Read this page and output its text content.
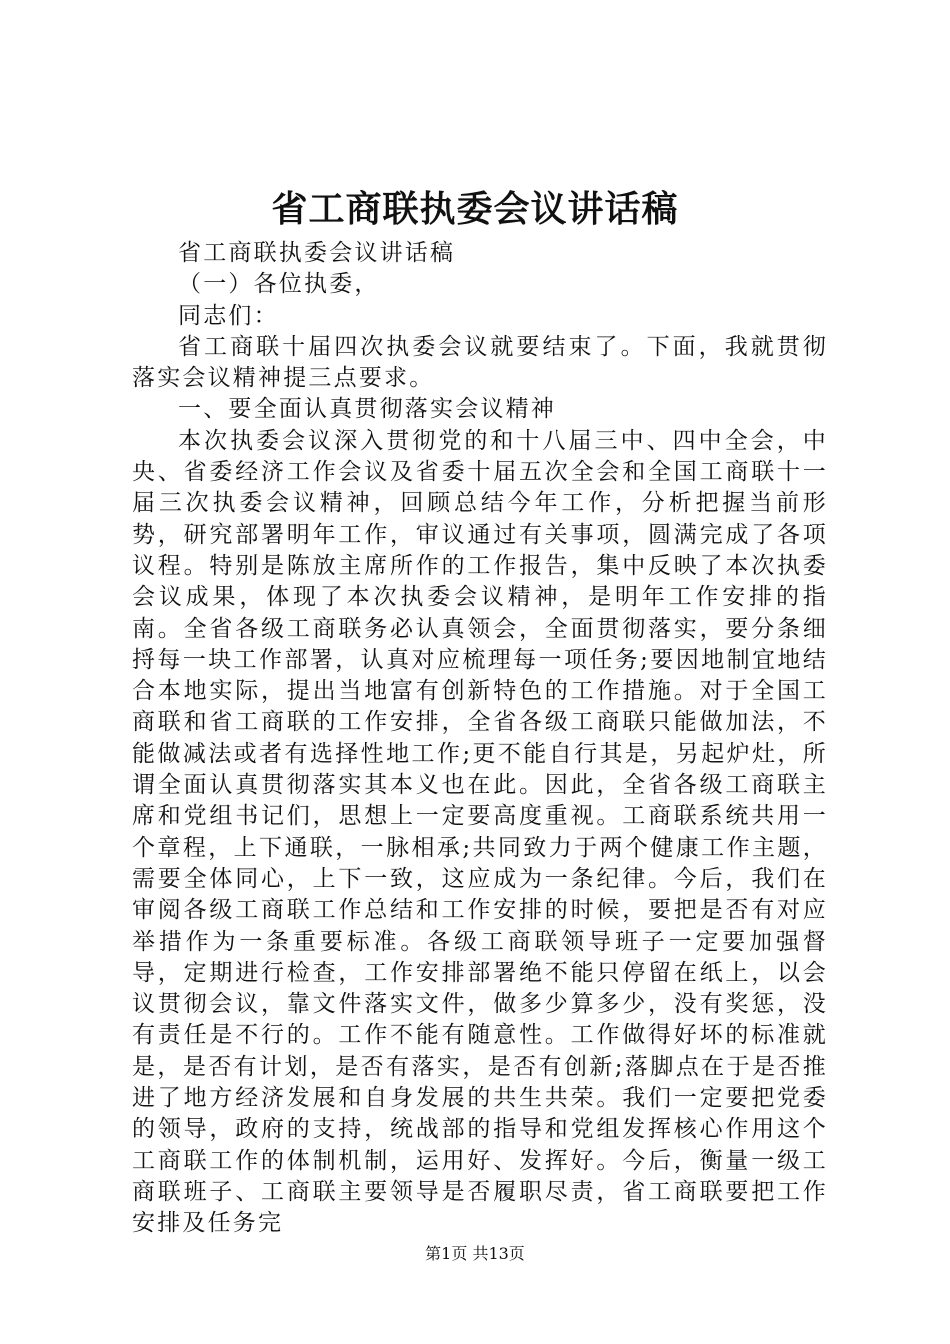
省工商联执委会议讲话稿

省工商联执委会议讲话稿

（一）各位执委，

同志们：

省工商联十届四次执委会议就要结束了。下面，我就贯彻落实会议精神提三点要求。

一、要全面认真贯彻落实会议精神

本次执委会议深入贯彻党的和十八届三中、四中全会，中央、省委经济工作会议及省委十届五次全会和全国工商联十一届三次执委会议精神，回顾总结今年工作，分析把握当前形势，研究部署明年工作，审议通过有关事项，圆满完成了各项议程。特别是陈放主席所作的工作报告，集中反映了本次执委会议成果，体现了本次执委会议精神，是明年工作安排的指南。全省各级工商联务必认真领会，全面贯彻落实，要分条细捋每一块工作部署，认真对应梳理每一项任务;要因地制宜地结合本地实际，提出当地富有创新特色的工作措施。对于全国工商联和省工商联的工作安排，全省各级工商联只能做加法，不能做减法或者有选择性地工作;更不能自行其是，另起炉灶，所谓全面认真贯彻落实其本义也在此。因此，全省各级工商联主席和党组书记们，思想上一定要高度重视。工商联系统共用一个章程，上下通联，一脉相承;共同致力于两个健康工作主题，需要全体同心，上下一致，这应成为一条纪律。今后，我们在审阅各级工商联工作总结和工作安排的时候，要把是否有对应举措作为一条重要标准。各级工商联领导班子一定要加强督导，定期进行检查，工作安排部署绝不能只停留在纸上，以会议贯彻会议，靠文件落实文件，做多少算多少，没有奖惩，没有责任是不行的。工作不能有随意性。工作做得好坏的标准就是，是否有计划，是否有落实，是否有创新;落脚点在于是否推进了地方经济发展和自身发展的共生共荣。我们一定要把党委的领导，政府的支持，统战部的指导和党组发挥核心作用这个工商联工作的体制机制，运用好、发挥好。今后，衡量一级工商联班子、工商联主要领导是否履职尽责，省工商联要把工作安排及任务完

第1页 共13页
